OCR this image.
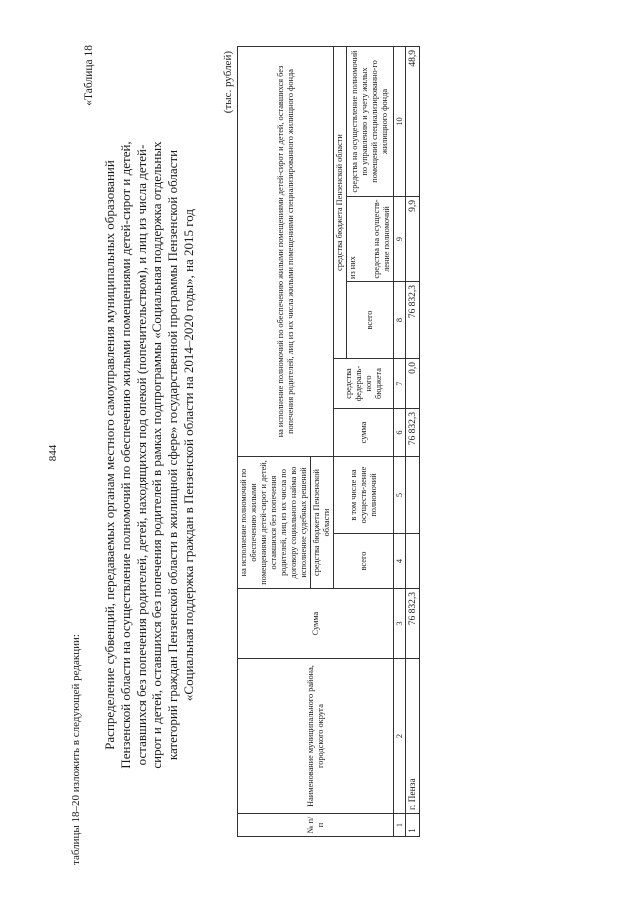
844
таблицы 18–20 изложить в следующей редакции:
«Таблица 18
Распределение субвенций, передаваемых органам местного самоуправления муниципальных образований Пензенской области на осуществление полномочий по обеспечению жилыми помещениями детей-сирот и детей, оставшихся без попечения родителей, детей, находящихся под опекой (попечительством), и лиц из числа детей- сирот и детей, оставшихся без попечения родителей в рамках подпрограммы «Социальная поддержка отдельных категорий граждан Пензенской области в жилищной сфере» государственной программы Пензенской области «Социальная поддержка граждан в Пензенской области на 2014–2020 годы», на 2015 год
(тыс. рублей)
№ п/п	Наименование муниципального района, городского округа	Сумма	на исполнение полномочий по обеспечению жилыми помещениями детей-сирот и детей, оставшихся без попечения родителей, лиц из их числа по договору социального найма во исполнение судебных решений		на исполнение полномочий по обеспечению жилыми помещениями детей-сирот и детей, оставшихся без попечения родителей, лиц из их числа жилыми помещениями специализированного жилищного фонда				
			средства бюджета Пензенской области						
			всего	в том числе на осуществ-ление полномочий	сумма	средства федераль-ного бюджета	средства бюджета Пензенской области		
							всего	из них средства на осуществ-ление полномочий	средства на осуществление полномочий по управлению и учету жилых помещений специализированно-го жилищного фонда
1	2	3	4	5	6	7	8	9	10
1	г. Пенза	76 832,3			76 832,3	0,0	76 832,3	9,9	48,9
